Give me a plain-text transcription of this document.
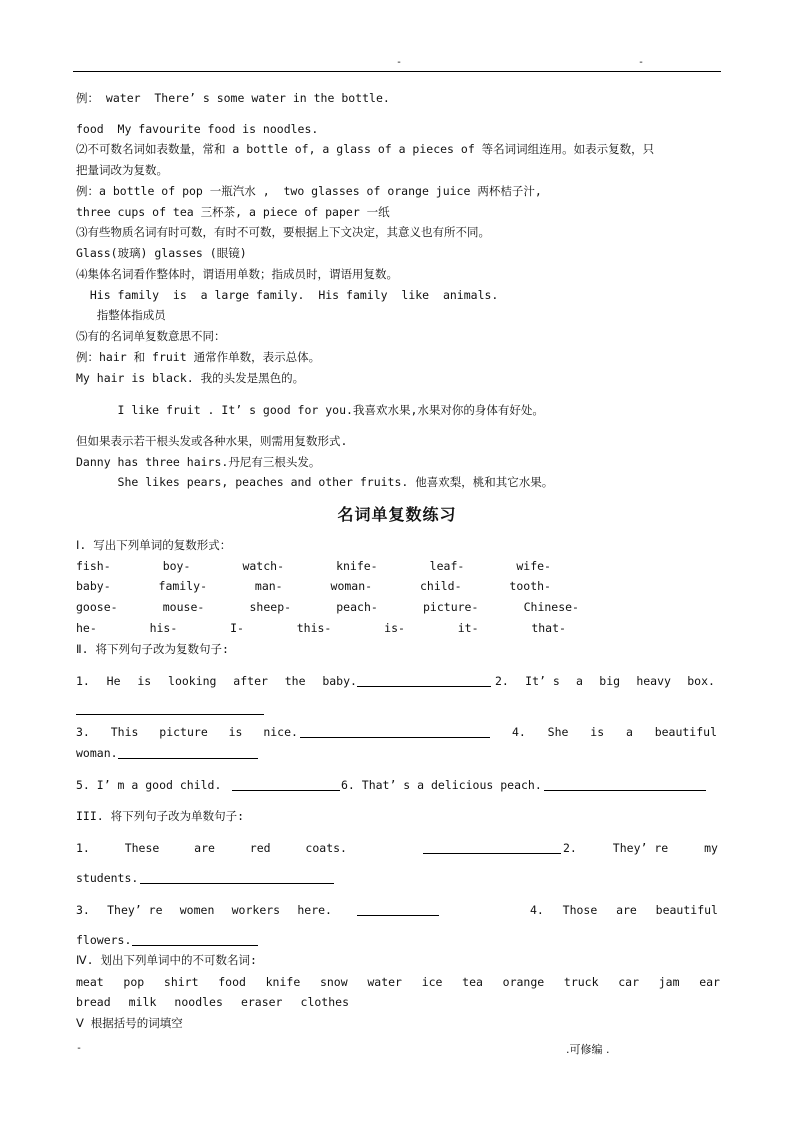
-	-
例： water  There’ s some water in the bottle.
food  My favourite food is noodles.
⑵不可数名词如表数量，常和 a bottle of, a glass of a pieces of 等名词词组连用。如表示复数，只
把量词改为复数。
例：a bottle of pop 一瓶汽水 ,  two glasses of orange juice 两杯桔子汁,
three cups of tea 三杯茶, a piece of paper 一纸
⑶有些物质名词有时可数，有时不可数，要根据上下文决定，其意义也有所不同。
Glass(玻璃) glasses (眼镜)
⑷集体名词看作整体时，谓语用单数；指成员时，谓语用复数。
His family  is  a large family.  His family  like  animals.
指整体指成员
⑸有的名词单复数意思不同：
例：hair 和 fruit 通常作单数，表示总体。
My hair is black. 我的头发是黑色的。
I like fruit . It’ s good for you.我喜欢水果,水果对你的身体有好处。
但如果表示若干根头发或各种水果，则需用复数形式.
Danny has three hairs.丹尼有三根头发。
She likes pears, peaches and other fruits. 他喜欢梨，桃和其它水果。
名词单复数练习
Ⅰ. 写出下列单词的复数形式：
fish-	boy-	watch-	knife-	leaf-	wife-
baby-	family-	man-	woman-	child-	tooth-
goose-	mouse-	sheep-	peach-	picture-	Chinese-
he-	his-	I-	this-	is-	it-	that-
Ⅱ. 将下列句子改为复数句子:
1. He is looking after the baby.	2. It’ s a big heavy box.
3. This picture is nice.	4. She is a beautiful
woman.
5. I’ m a good child.	6. That’ s a delicious peach.
III. 将下列句子改为单数句子:
1.	These	are	red	coats.	2.	They’ re	my
students.
3. They’ re women workers here.	4. Those are beautiful
flowers.
Ⅳ. 划出下列单词中的不可数名词:
meat pop shirt food knife snow water ice tea orange truck car jam ear
bread milk noodles eraser clothes
Ⅴ 根据括号的词填空
-	.可修编 .
